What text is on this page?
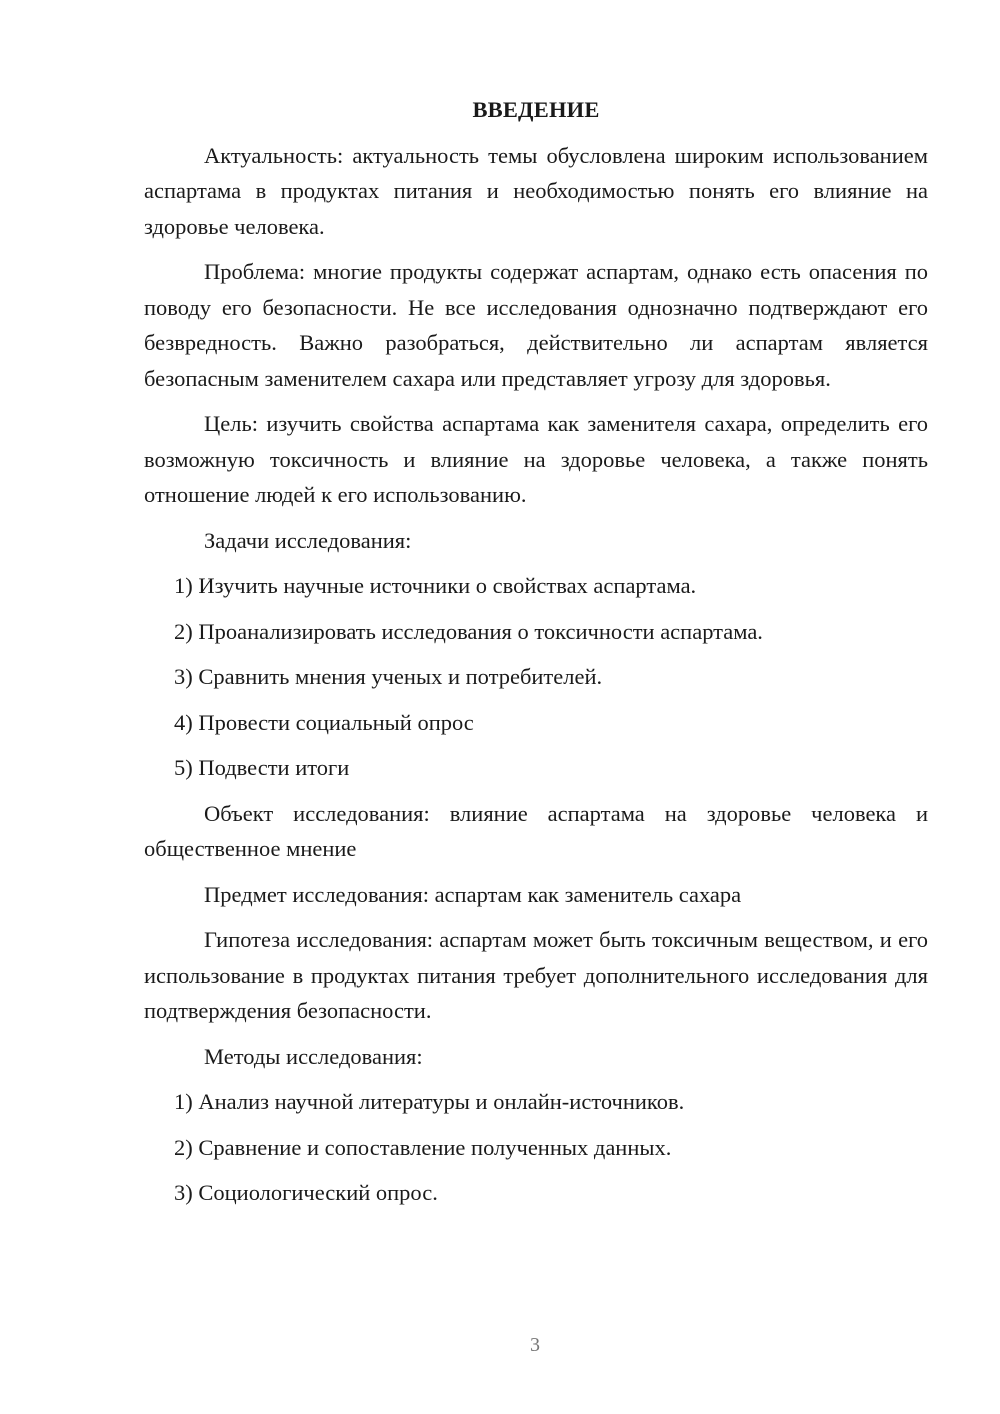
ВВЕДЕНИЕ

Актуальность: актуальность темы обусловлена широким использованием аспартама в продуктах питания и необходимостью понять его влияние на здоровье человека.

Проблема: многие продукты содержат аспартам, однако есть опасения по поводу его безопасности. Не все исследования однозначно подтверждают его безвредность. Важно разобраться, действительно ли аспартам является безопасным заменителем сахара или представляет угрозу для здоровья.

Цель: изучить свойства аспартама как заменителя сахара, определить его возможную токсичность и влияние на здоровье человека, а также понять отношение людей к его использованию.

Задачи исследования:

1) Изучить научные источники о свойствах аспартама.
2) Проанализировать исследования о токсичности аспартама.
3) Сравнить мнения ученых и потребителей.
4) Провести социальный опрос
5) Подвести итоги

Объект исследования: влияние аспартама на здоровье человека и общественное мнение

Предмет исследования: аспартам как заменитель сахара

Гипотеза исследования: аспартам может быть токсичным веществом, и его использование в продуктах питания требует дополнительного исследования для подтверждения безопасности.

Методы исследования:

1) Анализ научной литературы и онлайн-источников.
2) Сравнение и сопоставление полученных данных.
3) Социологический опрос.
3
